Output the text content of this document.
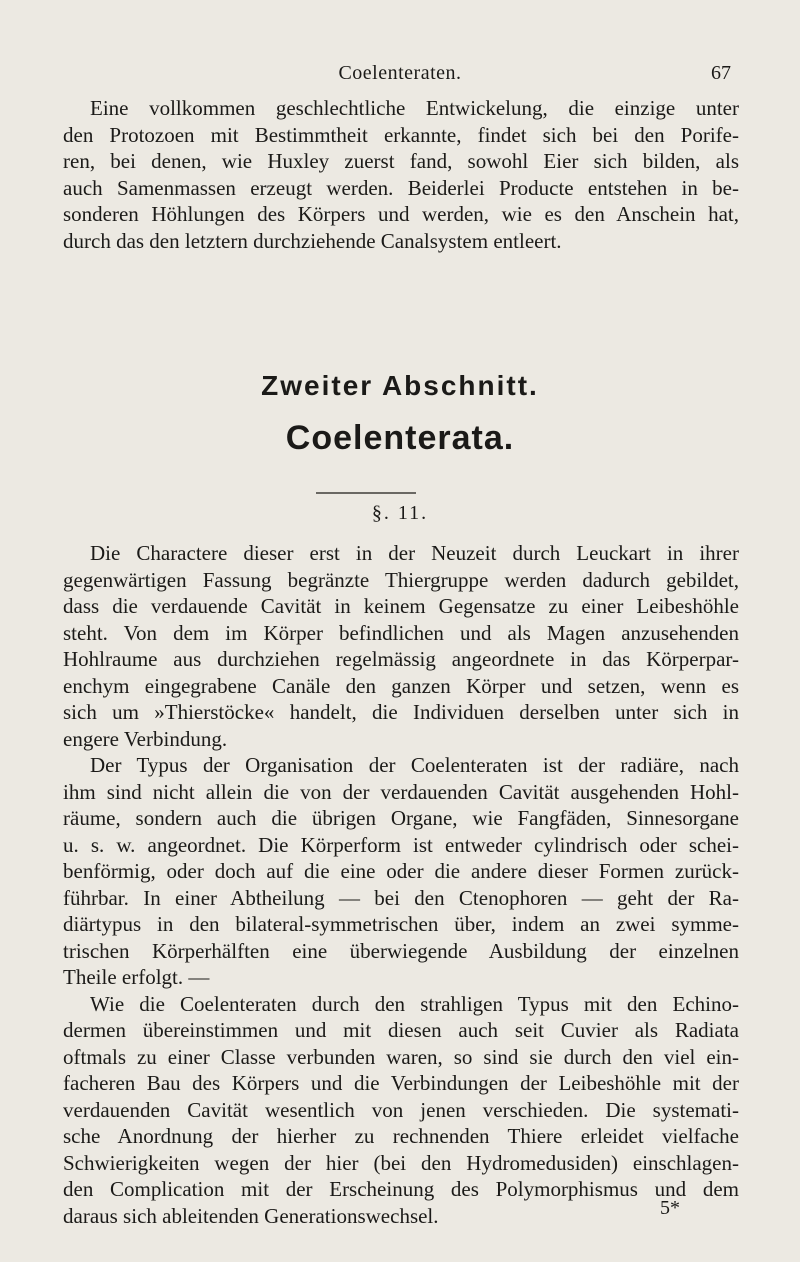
Coelenteraten.	67
Eine vollkommen geschlechtliche Entwickelung, die einzige unter
den Protozoen mit Bestimmtheit erkannte, findet sich bei den Porife-
ren, bei denen, wie Huxley zuerst fand, sowohl Eier sich bilden, als
auch Samenmassen erzeugt werden. Beiderlei Producte entstehen in be-
sonderen Höhlungen des Körpers und werden, wie es den Anschein hat,
durch das den letztern durchziehende Canalsystem entleert.
Zweiter Abschnitt.
Coelenterata.
§. 11.
Die Charactere dieser erst in der Neuzeit durch Leuckart in ihrer
gegenwärtigen Fassung begränzte Thiergruppe werden dadurch gebildet,
dass die verdauende Cavität in keinem Gegensatze zu einer Leibeshöhle
steht. Von dem im Körper befindlichen und als Magen anzusehenden
Hohlraume aus durchziehen regelmässig angeordnete in das Körperpar-
enchym eingegrabene Canäle den ganzen Körper und setzen, wenn es
sich um »Thierstöcke« handelt, die Individuen derselben unter sich in
engere Verbindung.
Der Typus der Organisation der Coelenteraten ist der radiäre, nach
ihm sind nicht allein die von der verdauenden Cavität ausgehenden Hohl-
räume, sondern auch die übrigen Organe, wie Fangfäden, Sinnesorgane
u. s. w. angeordnet. Die Körperform ist entweder cylindrisch oder schei-
benförmig, oder doch auf die eine oder die andere dieser Formen zurück-
führbar. In einer Abtheilung — bei den Ctenophoren — geht der Ra-
diärtypus in den bilateral-symmetrischen über, indem an zwei symme-
trischen Körperhälften eine überwiegende Ausbildung der einzelnen
Theile erfolgt. —
Wie die Coelenteraten durch den strahligen Typus mit den Echino-
dermen übereinstimmen und mit diesen auch seit Cuvier als Radiata
oftmals zu einer Classe verbunden waren, so sind sie durch den viel ein-
facheren Bau des Körpers und die Verbindungen der Leibeshöhle mit der
verdauenden Cavität wesentlich von jenen verschieden. Die systemati-
sche Anordnung der hierher zu rechnenden Thiere erleidet vielfache
Schwierigkeiten wegen der hier (bei den Hydromedusiden) einschlagen-
den Complication mit der Erscheinung des Polymorphismus und dem
daraus sich ableitenden Generationswechsel.	5*
